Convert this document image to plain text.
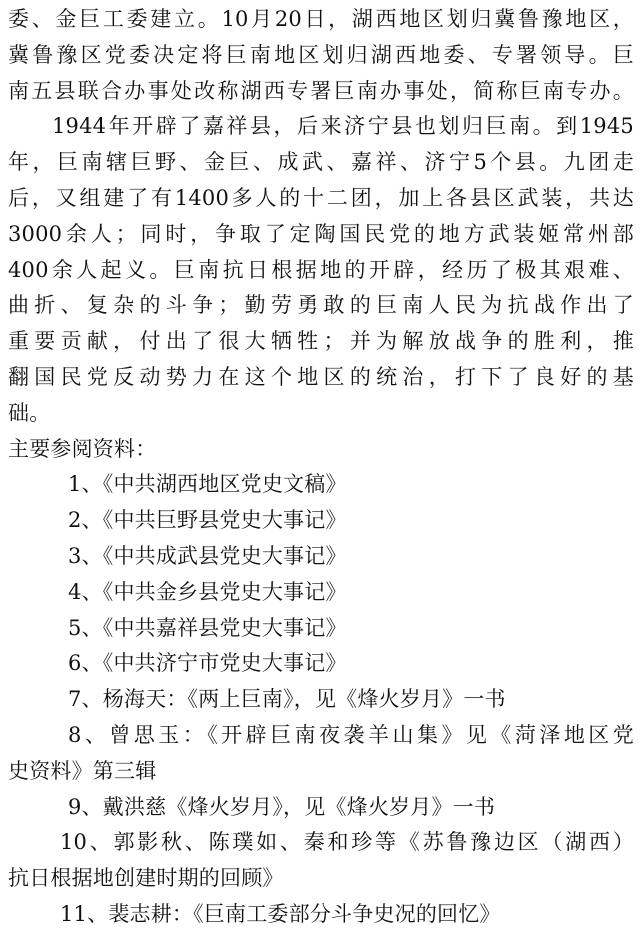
委、金巨工委建立。10月20日，湖西地区划归冀鲁豫地区，
冀鲁豫区党委决定将巨南地区划归湖西地委、专署领导。巨
南五县联合办事处改称湖西专署巨南办事处，简称巨南专办。
1944年开辟了嘉祥县，后来济宁县也划归巨南。到1945
年，巨南辖巨野、金巨、成武、嘉祥、济宁5个县。九团走
后，又组建了有1400多人的十二团，加上各县区武装，共达
3000余人；同时，争取了定陶国民党的地方武装姬常州部
400余人起义。巨南抗日根据地的开辟，经历了极其艰难、
曲折、复杂的斗争；勤劳勇敢的巨南人民为抗战作出了
重要贡献，付出了很大牺牲；并为解放战争的胜利，推
翻国民党反动势力在这个地区的统治，打下了良好的基
础。
主要参阅资料：
1、《中共湖西地区党史文稿》
2、《中共巨野县党史大事记》
3、《中共成武县党史大事记》
4、《中共金乡县党史大事记》
5、《中共嘉祥县党史大事记》
6、《中共济宁市党史大事记》
7、杨海天：《两上巨南》，见《烽火岁月》一书
8、曾思玉：《开辟巨南夜袭羊山集》见《菏泽地区党
史资料》第三辑
9、戴洪慈《烽火岁月》，见《烽火岁月》一书
10、郭影秋、陈璞如、秦和珍等《苏鲁豫边区（湖西）
抗日根据地创建时期的回顾》
11、裴志耕：《巨南工委部分斗争史况的回忆》
